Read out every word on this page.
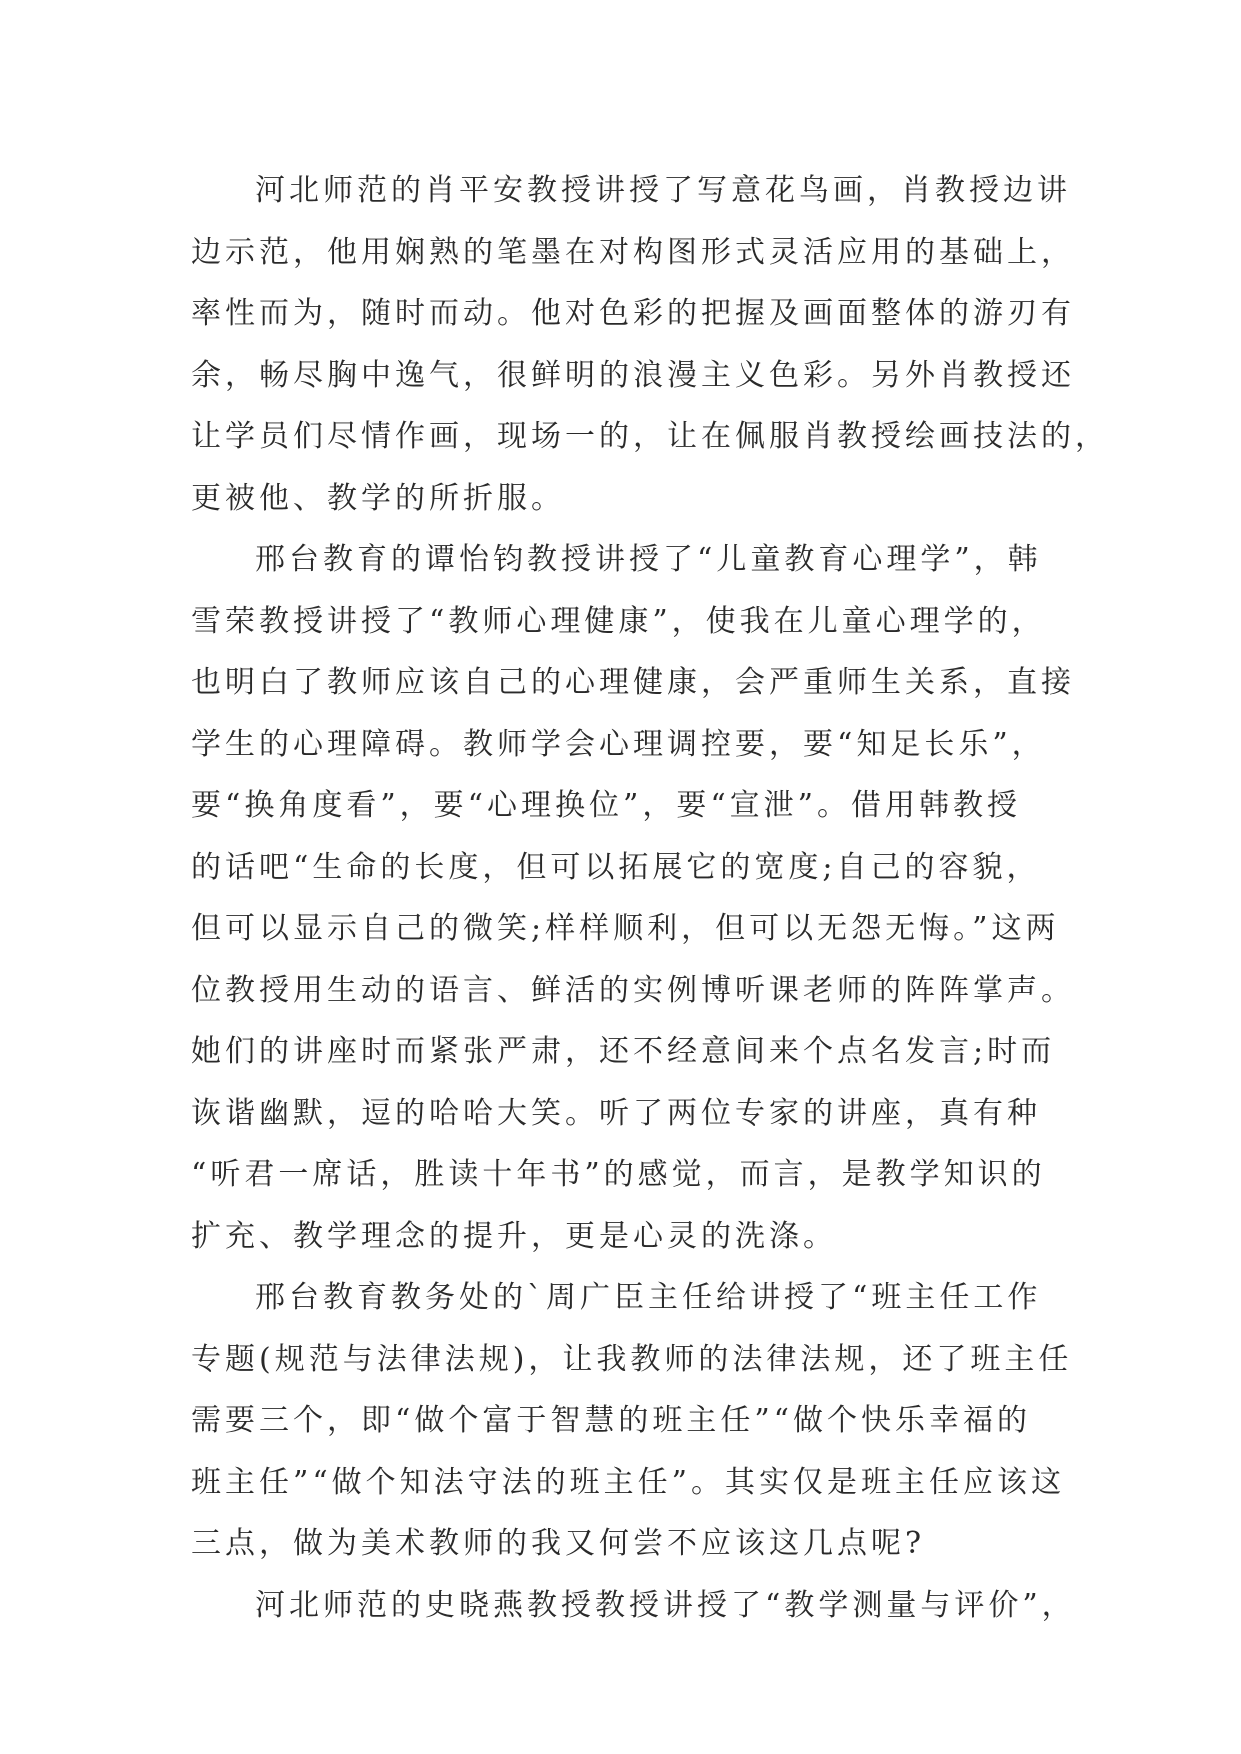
河北师范的肖平安教授讲授了写意花鸟画，肖教授边讲
边示范，他用娴熟的笔墨在对构图形式灵活应用的基础上，
率性而为，随时而动。他对色彩的把握及画面整体的游刃有
余，畅尽胸中逸气，很鲜明的浪漫主义色彩。另外肖教授还
让学员们尽情作画，现场一的，让在佩服肖教授绘画技法的，
更被他、教学的所折服。
邢台教育的谭怡钧教授讲授了“儿童教育心理学”，韩
雪荣教授讲授了“教师心理健康”，使我在儿童心理学的，
也明白了教师应该自己的心理健康，会严重师生关系，直接
学生的心理障碍。教师学会心理调控要，要“知足长乐”，
要“换角度看”，要“心理换位”，要“宣泄”。借用韩教授
的话吧“生命的长度，但可以拓展它的宽度;自己的容貌，
但可以显示自己的微笑;样样顺利，但可以无怨无悔。”这两
位教授用生动的语言、鲜活的实例博听课老师的阵阵掌声。
她们的讲座时而紧张严肃，还不经意间来个点名发言;时而
诙谐幽默，逗的哈哈大笑。听了两位专家的讲座，真有种
“听君一席话，胜读十年书”的感觉，而言，是教学知识的
扩充、教学理念的提升，更是心灵的洗涤。
邢台教育教务处的`周广臣主任给讲授了“班主任工作
专题(规范与法律法规)，让我教师的法律法规，还了班主任
需要三个，即“做个富于智慧的班主任”“做个快乐幸福的
班主任”“做个知法守法的班主任”。其实仅是班主任应该这
三点，做为美术教师的我又何尝不应该这几点呢?
河北师范的史晓燕教授教授讲授了“教学测量与评价”，
